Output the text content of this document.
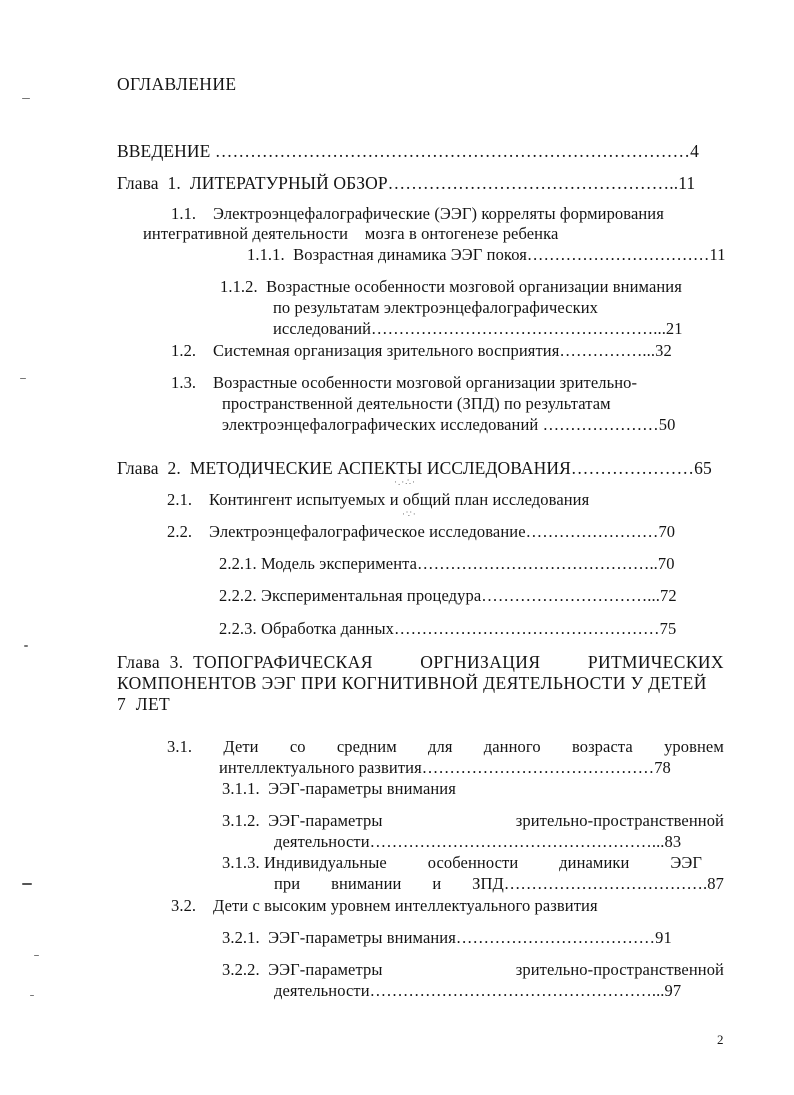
ОГЛАВЛЕНИЕ
ВВЕДЕНИЕ ………………………………………………………………………4
Глава  1.  ЛИТЕРАТУРНЫЙ ОБЗОР…………………………………………..11
1.1.    Электроэнцефалографические (ЭЭГ) корреляты формирования
интегративной деятельности    мозга в онтогенезе ребенка
1.1.1.  Возрастная динамика ЭЭГ покоя……………………………11
1.1.2.  Возрастные особенности мозговой организации внимания
по результатам электроэнцефалографических
исследований……………………………………………...21
1.2.    Системная организация зрительного восприятия……………...32
1.3.    Возрастные особенности мозговой организации зрительно-
пространственной деятельности (ЗПД) по результатам
электроэнцефалографических исследований …………………50
Глава  2.  МЕТОДИЧЕСКИЕ АСПЕКТЫ ИССЛЕДОВАНИЯ…………………65
2.1.    Контингент испытуемых и общий план исследования
2.2.    Электроэнцефалографическое исследование……………………70
2.2.1. Модель эксперимента……………………………………..70
2.2.2. Экспериментальная процедура…………………………...72
2.2.3. Обработка данных…………………………………………75
Глава  3.  ТОПОГРАФИЧЕСКАЯ	ОРГНИЗАЦИЯ	РИТМИЧЕСКИХ
КОМПОНЕНТОВ ЭЭГ ПРИ КОГНИТИВНОЙ ДЕЯТЕЛЬНОСТИ У ДЕТЕЙ
7  ЛЕТ
3.1. Дети со средним для данного возраста уровнем
интеллектуального развития……………………………………78
3.1.1.  ЭЭГ-параметры внимания
3.1.2.  ЭЭГ-параметры	зрительно-пространственной
деятельности……………………………………………...83
3.1.3. Индивидуальные особенности динамики ЭЭГ
при внимании и ЗПД……………………………….87
3.2.    Дети с высоким уровнем интеллектуального развития
3.2.1.  ЭЭГ-параметры внимания………………………………91
3.2.2.  ЭЭГ-параметры	зрительно-пространственной
деятельности……………………………………………...97
2
·.·∴·
·∵·
